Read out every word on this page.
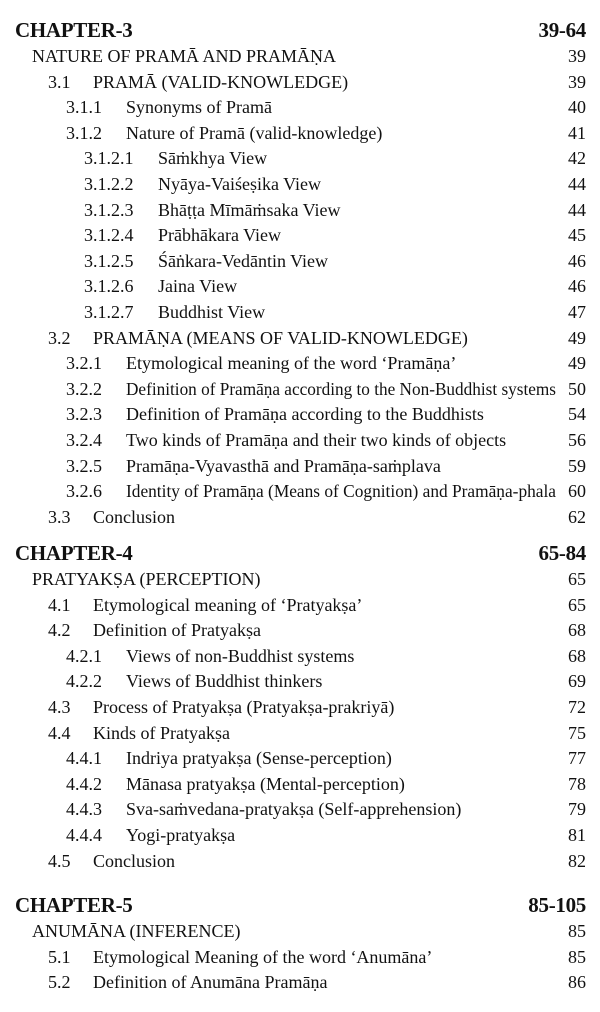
CHAPTER-3	39-64
NATURE OF PRAMĀ AND PRAMĀṆA	39
3.1 PRAMĀ (VALID-KNOWLEDGE)	39
3.1.1 Synonyms of Pramā	40
3.1.2 Nature of Pramā (valid-knowledge)	41
3.1.2.1 Sāṁkhya View	42
3.1.2.2 Nyāya-Vaiśeṣika View	44
3.1.2.3 Bhāṭṭa Mīmāṁsaka View	44
3.1.2.4 Prābhākara View	45
3.1.2.5 Śāṅkara-Vedāntin View	46
3.1.2.6 Jaina View	46
3.1.2.7 Buddhist View	47
3.2 PRAMĀṆA (MEANS OF VALID-KNOWLEDGE)	49
3.2.1 Etymological meaning of the word ‘Pramāṇa’	49
3.2.2 Definition of Pramāṇa according to the Non-Buddhist systems 50
3.2.3 Definition of Pramāṇa according to the Buddhists	54
3.2.4 Two kinds of Pramāṇa and their two kinds of objects	56
3.2.5 Pramāṇa-Vyavasthā and Pramāṇa-saṁplava	59
3.2.6 Identity of Pramāṇa (Means of Cognition) and Pramāṇa-phala 60
3.3 Conclusion	62
CHAPTER-4	65-84
PRATYAKṢA (PERCEPTION)	65
4.1 Etymological meaning of ‘Pratyakṣa’	65
4.2 Definition of Pratyakṣa	68
4.2.1 Views of non-Buddhist systems	68
4.2.2 Views of Buddhist thinkers	69
4.3 Process of Pratyakṣa (Pratyakṣa-prakriyā)	72
4.4 Kinds of Pratyakṣa	75
4.4.1 Indriya pratyakṣa (Sense-perception)	77
4.4.2 Mānasa pratyakṣa (Mental-perception)	78
4.4.3 Sva-saṁvedana-pratyakṣa (Self-apprehension)	79
4.4.4 Yogi-pratyakṣa	81
4.5 Conclusion	82
CHAPTER-5	85-105
ANUMĀNA (INFERENCE)	85
5.1 Etymological Meaning of the word ‘Anumāna’	85
5.2 Definition of Anumāna Pramāṇa	86
